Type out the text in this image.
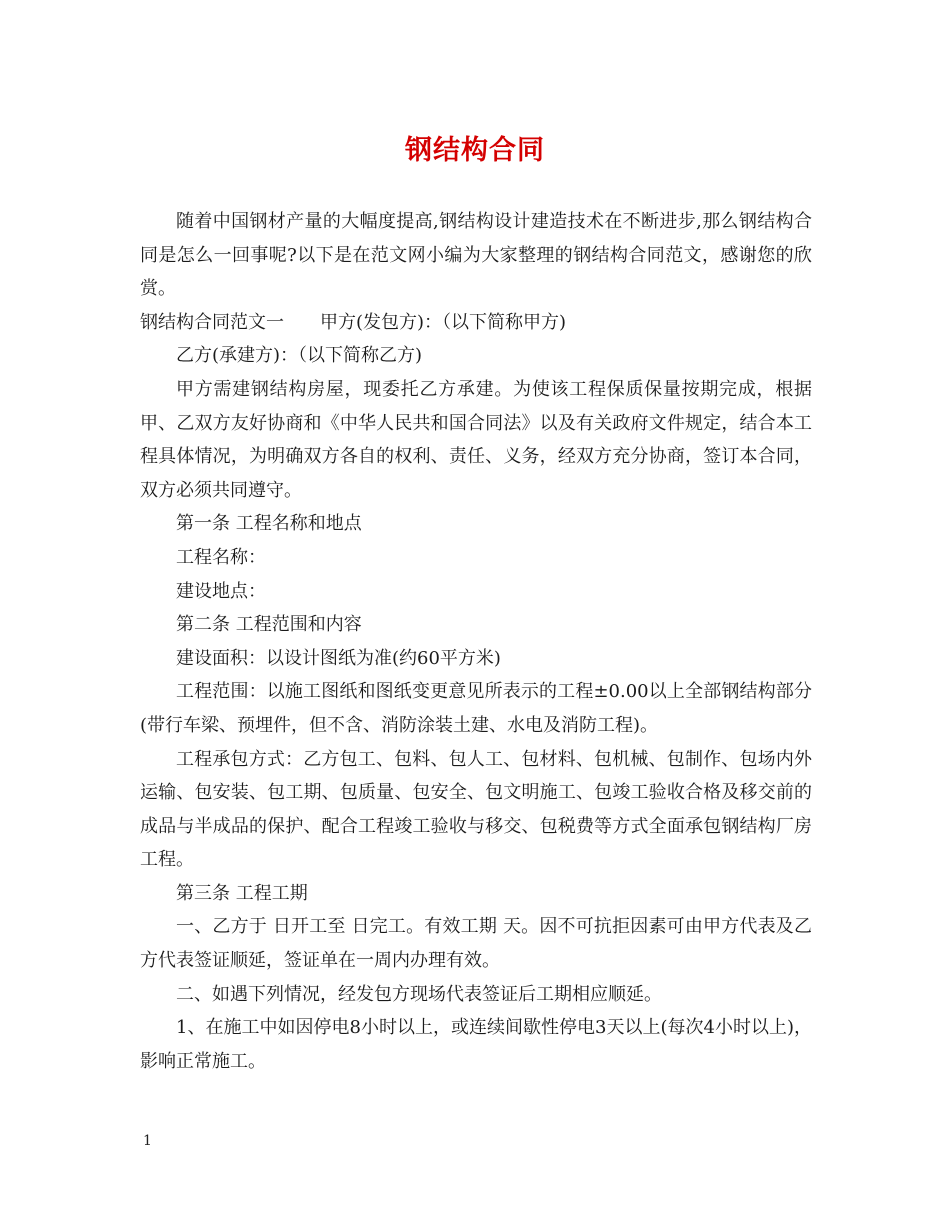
钢结构合同

随着中国钢材产量的大幅度提高,钢结构设计建造技术在不断进步,那么钢结构合同是怎么一回事呢?以下是在范文网小编为大家整理的钢结构合同范文，感谢您的欣赏。

钢结构合同范文一　　甲方(发包方)：（以下简称甲方)

乙方(承建方)：（以下简称乙方)

甲方需建钢结构房屋，现委托乙方承建。为使该工程保质保量按期完成，根据甲、乙双方友好协商和《中华人民共和国合同法》以及有关政府文件规定，结合本工程具体情况，为明确双方各自的权利、责任、义务，经双方充分协商，签订本合同，双方必须共同遵守。

第一条 工程名称和地点

工程名称：

建设地点：

第二条 工程范围和内容

建设面积：以设计图纸为准(约60平方米)

工程范围：以施工图纸和图纸变更意见所表示的工程±0.00以上全部钢结构部分(带行车梁、预埋件，但不含、消防涂装土建、水电及消防工程)。

工程承包方式：乙方包工、包料、包人工、包材料、包机械、包制作、包场内外运输、包安装、包工期、包质量、包安全、包文明施工、包竣工验收合格及移交前的成品与半成品的保护、配合工程竣工验收与移交、包税费等方式全面承包钢结构厂房工程。

第三条 工程工期

一、乙方于 日开工至 日完工。有效工期 天。因不可抗拒因素可由甲方代表及乙方代表签证顺延，签证单在一周内办理有效。

二、如遇下列情况，经发包方现场代表签证后工期相应顺延。

1、在施工中如因停电8小时以上，或连续间歇性停电3天以上(每次4小时以上)，影响正常施工。

1
